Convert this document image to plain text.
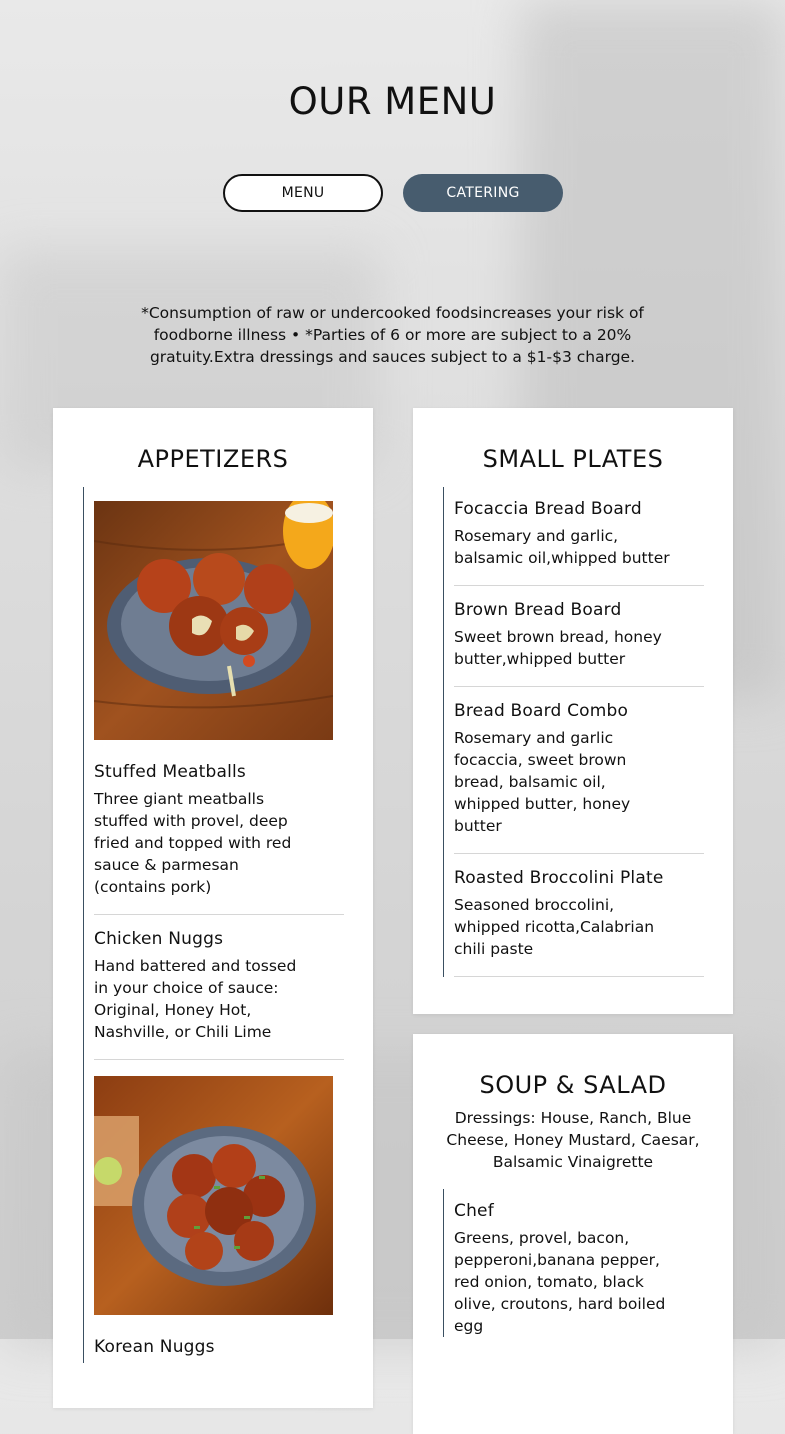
OUR MENU
MENU	CATERING

*Consumption of raw or undercooked foodsincreases your risk of foodborne illness • *Parties of 6 or more are subject to a 20% gratuity.Extra dressings and sauces subject to a $1-$3 charge.

APPETIZERS

Stuffed Meatballs

Three giant meatballs stuffed with provel, deep fried and topped with red sauce & parmesan (contains pork)

Chicken Nuggs

Hand battered and tossed in your choice of sauce: Original, Honey Hot, Nashville, or Chili Lime

Korean Nuggs

SMALL PLATES

Focaccia Bread Board

Rosemary and garlic, balsamic oil,whipped butter

Brown Bread Board

Sweet brown bread, honey butter,whipped butter

Bread Board Combo

Rosemary and garlic focaccia, sweet brown bread, balsamic oil, whipped butter, honey butter

Roasted Broccolini Plate

Seasoned broccolini, whipped ricotta,Calabrian chili paste

SOUP & SALAD

Dressings: House, Ranch, Blue Cheese, Honey Mustard, Caesar, Balsamic Vinaigrette

Chef

Greens, provel, bacon, pepperoni,banana pepper, red onion, tomato, black olive, croutons, hard boiled egg
